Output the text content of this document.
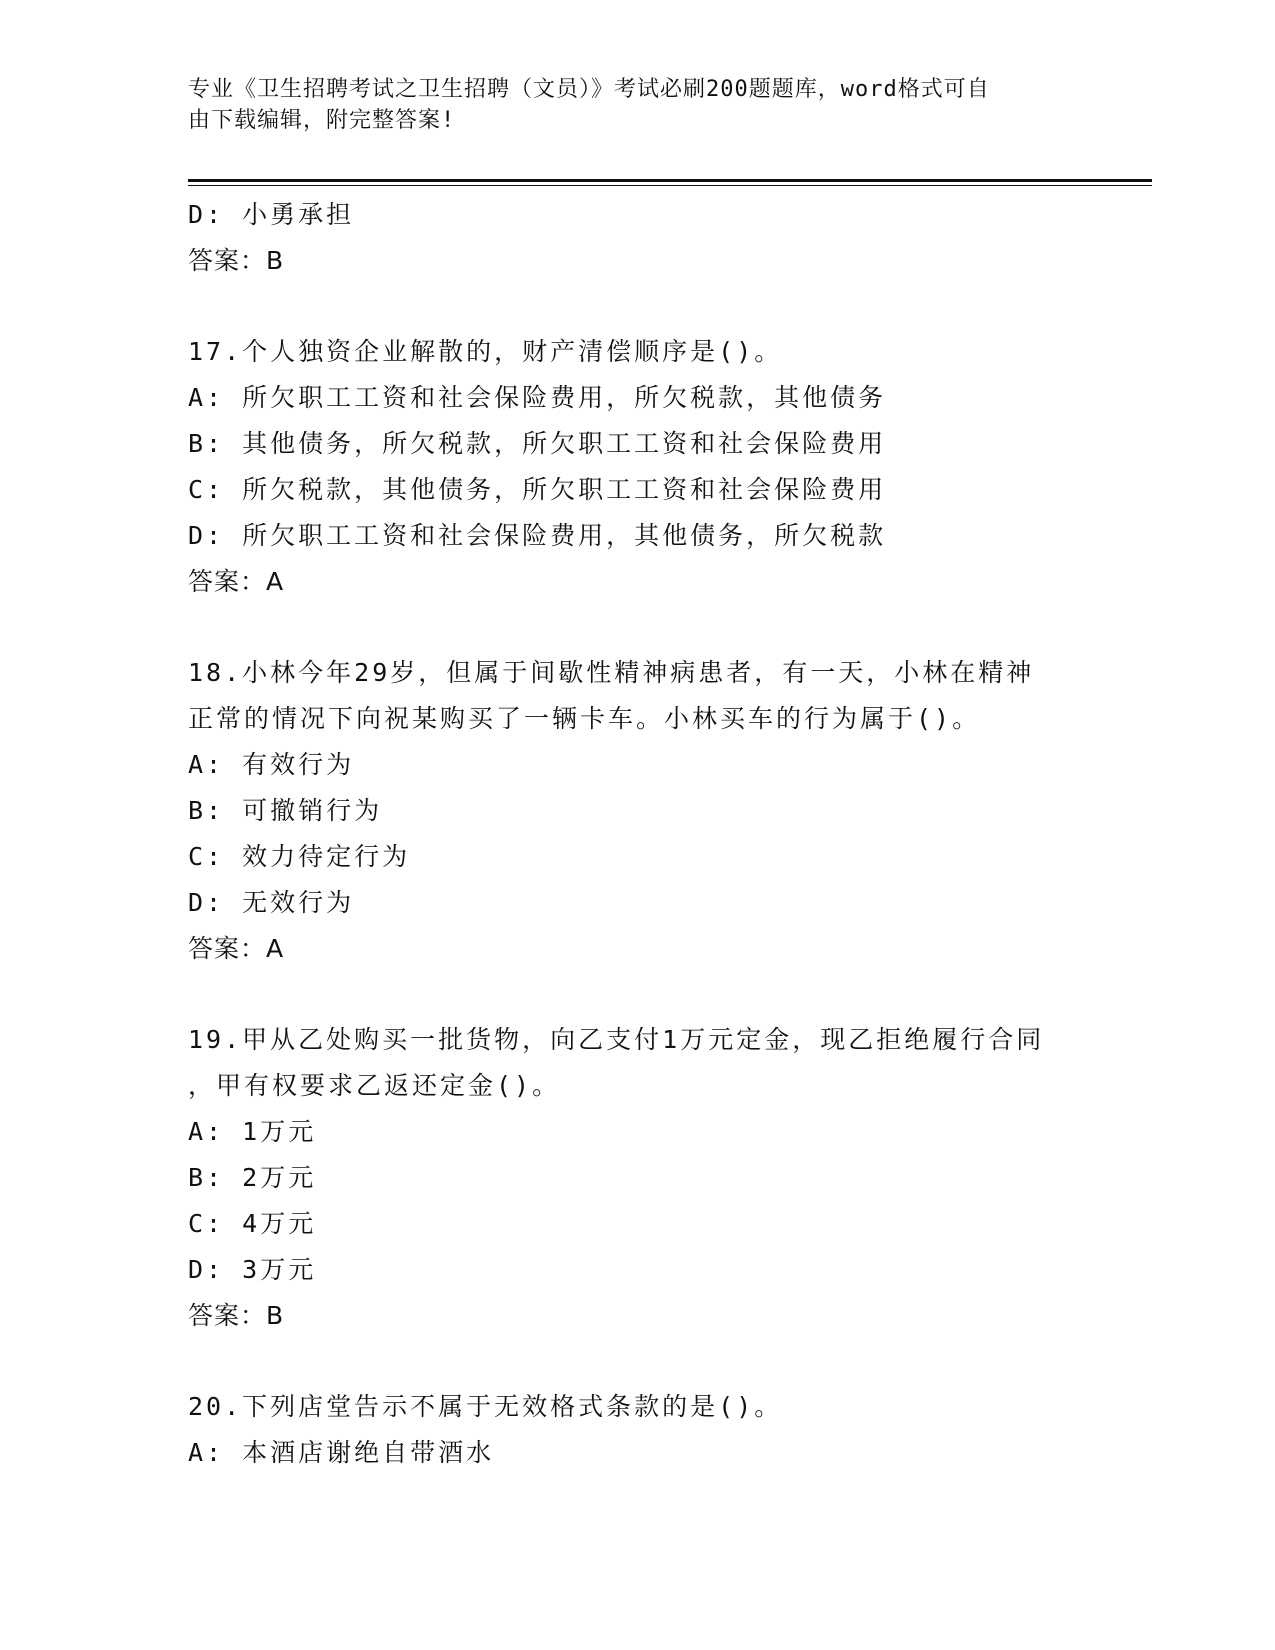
专业《卫生招聘考试之卫生招聘（文员）》考试必刷200题题库，word格式可自
由下载编辑，附完整答案!
D: 小勇承担
答案：B
17.个人独资企业解散的，财产清偿顺序是()。
A: 所欠职工工资和社会保险费用，所欠税款，其他债务
B: 其他债务，所欠税款，所欠职工工资和社会保险费用
C: 所欠税款，其他债务，所欠职工工资和社会保险费用
D: 所欠职工工资和社会保险费用，其他债务，所欠税款
答案：A
18.小林今年29岁，但属于间歇性精神病患者，有一天，小林在精神
正常的情况下向祝某购买了一辆卡车。小林买车的行为属于()。
A: 有效行为
B: 可撤销行为
C: 效力待定行为
D: 无效行为
答案：A
19.甲从乙处购买一批货物，向乙支付1万元定金，现乙拒绝履行合同
，甲有权要求乙返还定金()。
A: 1万元
B: 2万元
C: 4万元
D: 3万元
答案：B
20.下列店堂告示不属于无效格式条款的是()。
A: 本酒店谢绝自带酒水
